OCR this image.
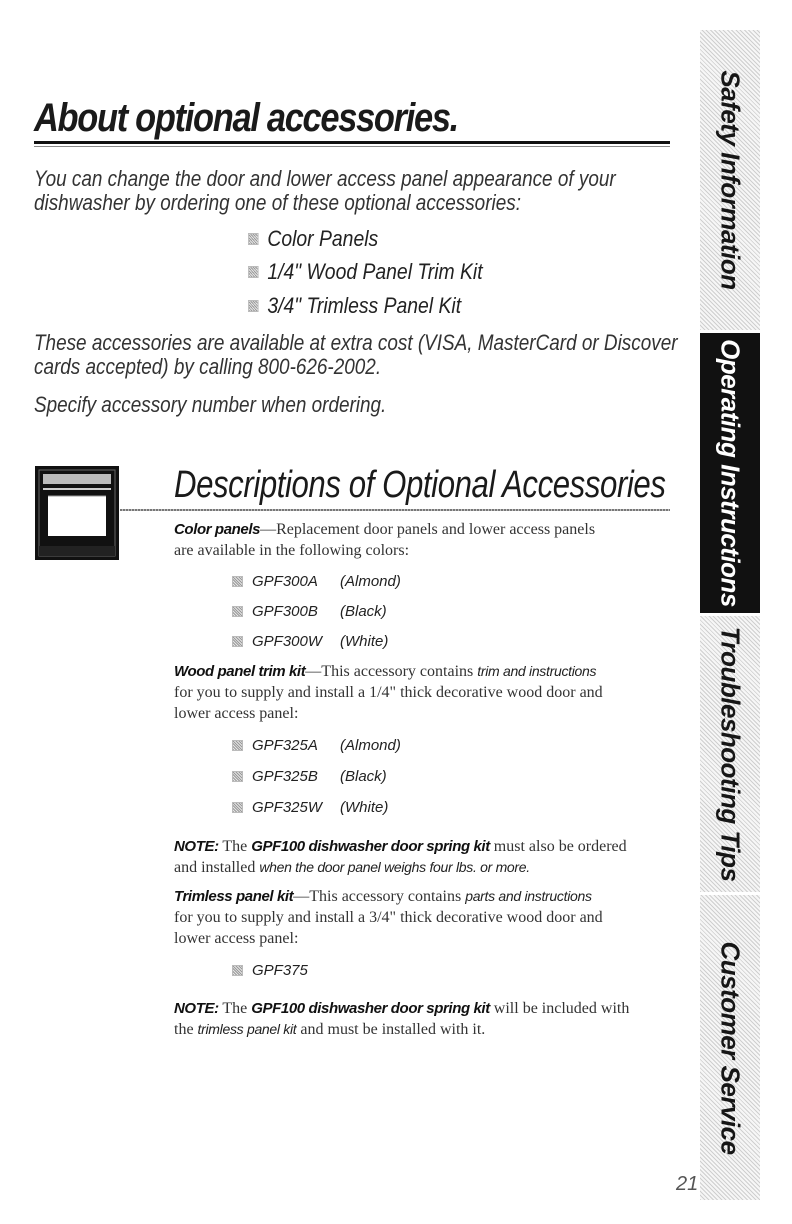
About optional accessories.
You can change the door and lower access panel appearance of your
dishwasher by ordering one of these optional accessories:
Color Panels
1/4" Wood Panel Trim Kit
3/4" Trimless Panel Kit
These accessories are available at extra cost (VISA, MasterCard or Discover
cards accepted) by calling 800-626-2002.
Specify accessory number when ordering.
Descriptions of Optional Accessories
Color panels—Replacement door panels and lower access panels
are available in the following colors:
GPF300A	(Almond)
GPF300B	(Black)
GPF300W	(White)
Wood panel trim kit—This accessory contains trim and instructions
for you to supply and install a 1/4" thick decorative wood door and
lower access panel:
GPF325A	(Almond)
GPF325B	(Black)
GPF325W	(White)
NOTE: The GPF100 dishwasher door spring kit must also be ordered
and installed when the door panel weighs four lbs. or more.
Trimless panel kit—This accessory contains parts and instructions
for you to supply and install a 3/4" thick decorative wood door and
lower access panel:
GPF375
NOTE: The GPF100 dishwasher door spring kit will be included with
the trimless panel kit and must be installed with it.
21
Safety Information
Operating Instructions
Troubleshooting Tips
Customer Service
